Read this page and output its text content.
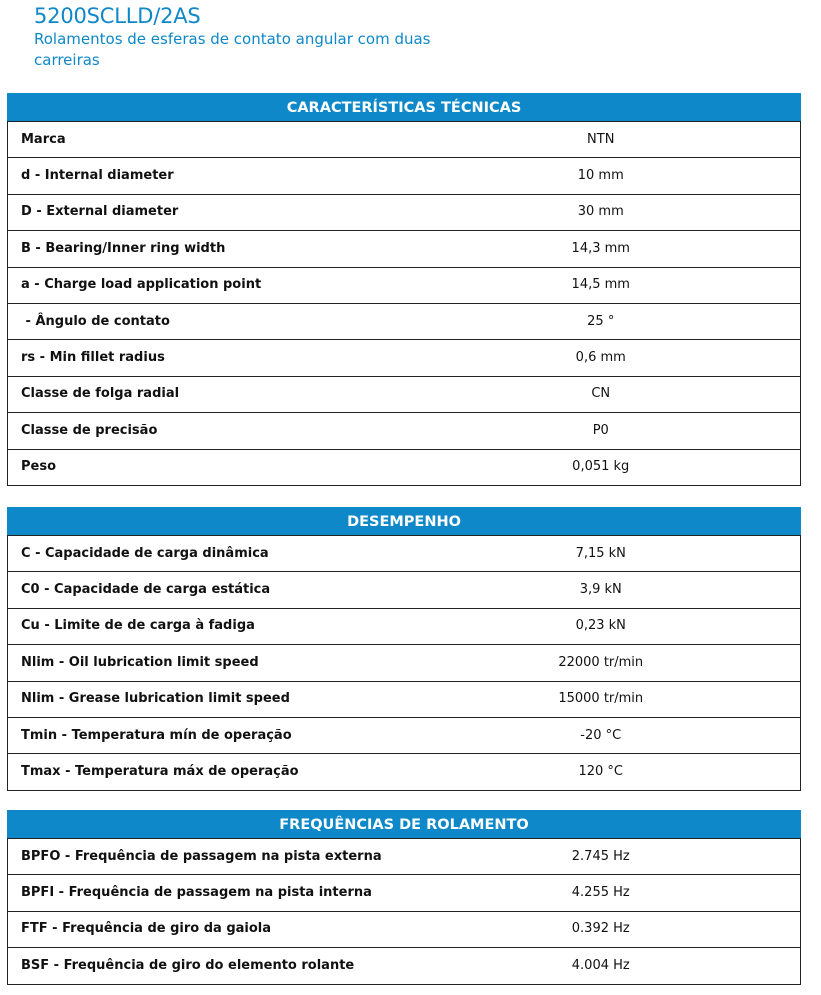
5200SCLLD/2AS
Rolamentos de esferas de contato angular com duas carreiras
CARACTERÍSTICAS TÉCNICAS
Marca	NTN
d - Internal diameter	10 mm
D - External diameter	30 mm
B - Bearing/Inner ring width	14,3 mm
a - Charge load application point	14,5 mm
- Ângulo de contato	25 °
rs - Min fillet radius	0,6 mm
Classe de folga radial	CN
Classe de precisão	P0
Peso	0,051 kg
DESEMPENHO
C - Capacidade de carga dinâmica	7,15 kN
C0 - Capacidade de carga estática	3,9 kN
Cu - Limite de de carga à fadiga	0,23 kN
Nlim - Oil lubrication limit speed	22000 tr/min
Nlim - Grease lubrication limit speed	15000 tr/min
Tmin - Temperatura mín de operação	-20 °C
Tmax - Temperatura máx de operação	120 °C
FREQUÊNCIAS DE ROLAMENTO
BPFO - Frequência de passagem na pista externa	2.745 Hz
BPFI - Frequência de passagem na pista interna	4.255 Hz
FTF - Frequência de giro da gaiola	0.392 Hz
BSF - Frequência de giro do elemento rolante	4.004 Hz
